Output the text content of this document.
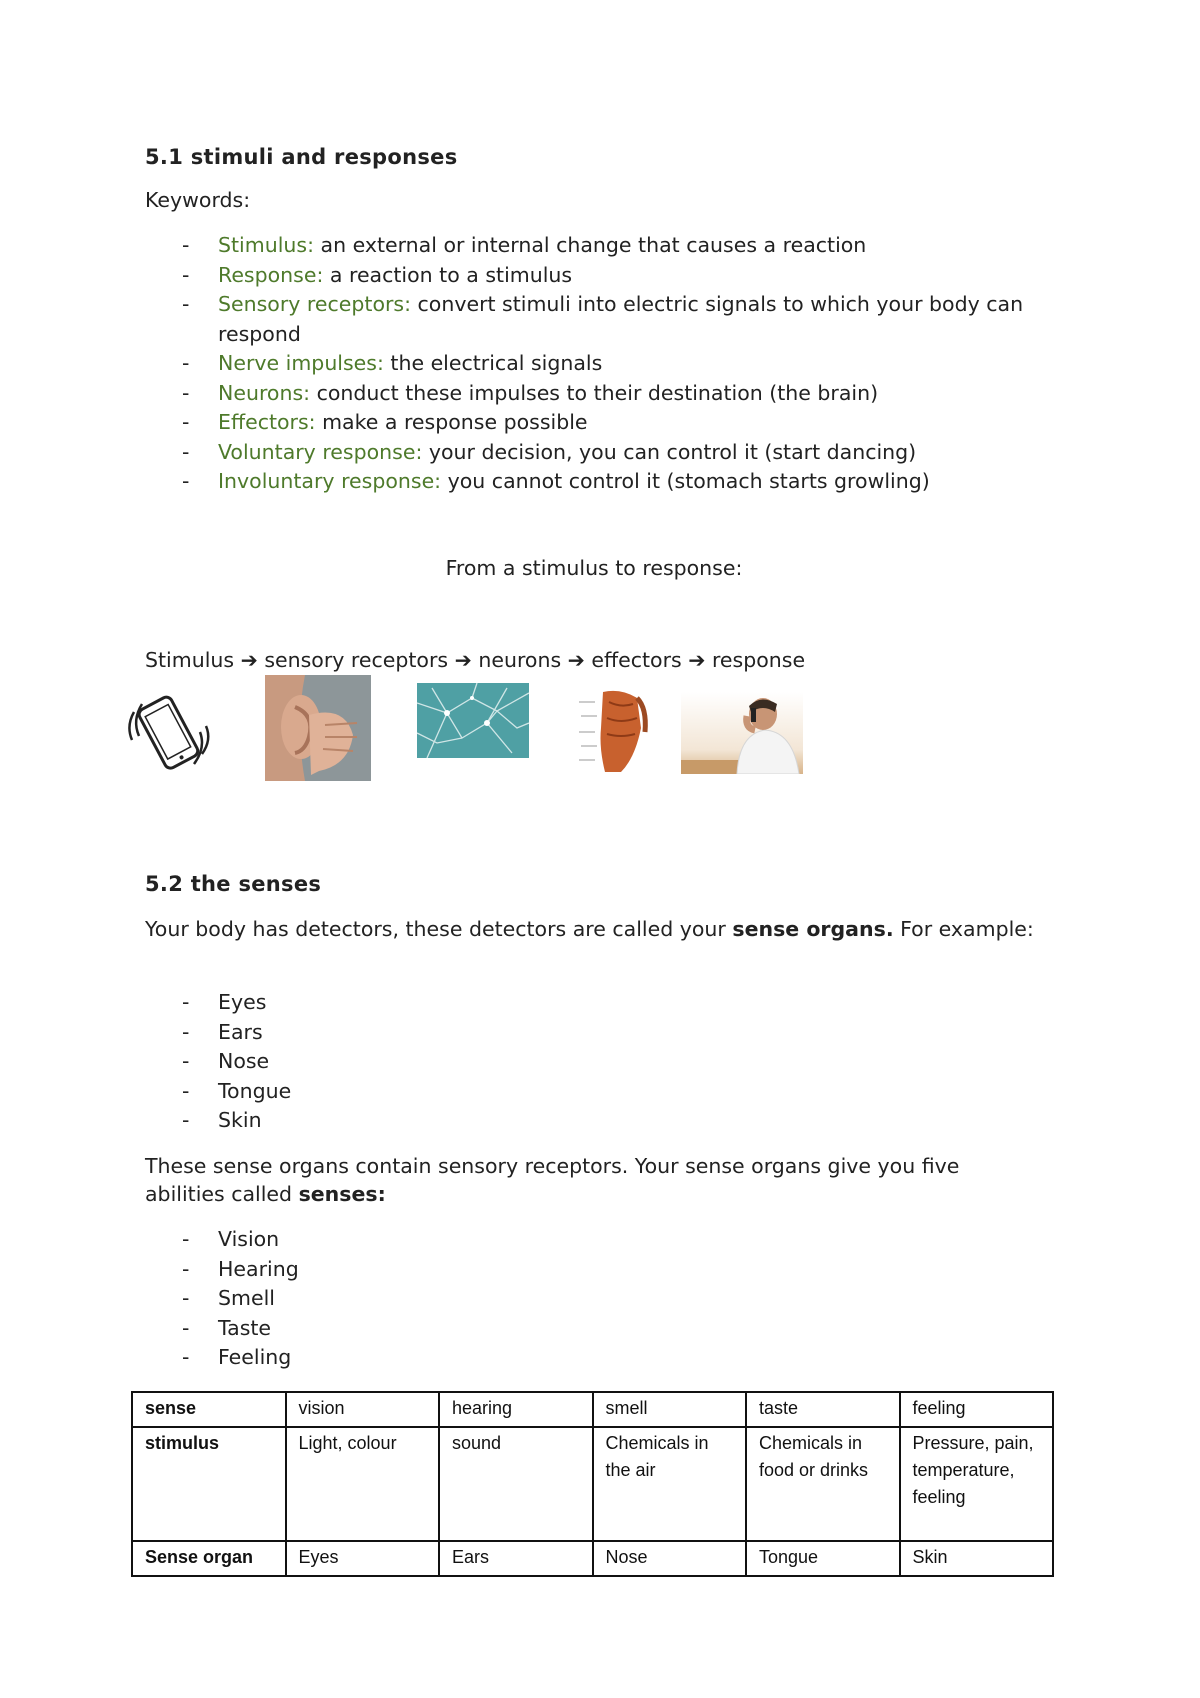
5.1 stimuli and responses

Keywords:

- Stimulus: an external or internal change that causes a reaction
- Response: a reaction to a stimulus
- Sensory receptors: convert stimuli into electric signals to which your body can respond
- Nerve impulses: the electrical signals
- Neurons: conduct these impulses to their destination (the brain)
- Effectors: make a response possible
- Voluntary response: your decision, you can control it (start dancing)
- Involuntary response: you cannot control it (stomach starts growling)
From a stimulus to response:
Stimulus ➔ sensory receptors ➔ neurons ➔ effectors ➔ response
5.2 the senses

Your body has detectors, these detectors are called your sense organs. For example:

- Eyes
- Ears
- Nose
- Tongue
- Skin

These sense organs contain sensory receptors. Your sense organs give you five abilities called senses:

- Vision
- Hearing
- Smell
- Taste
- Feeling
sense	vision	hearing	smell	taste	feeling
stimulus	Light, colour	sound	Chemicals in the air	Chemicals in food or drinks	Pressure, pain, temperature, feeling
Sense organ	Eyes	Ears	Nose	Tongue	Skin
